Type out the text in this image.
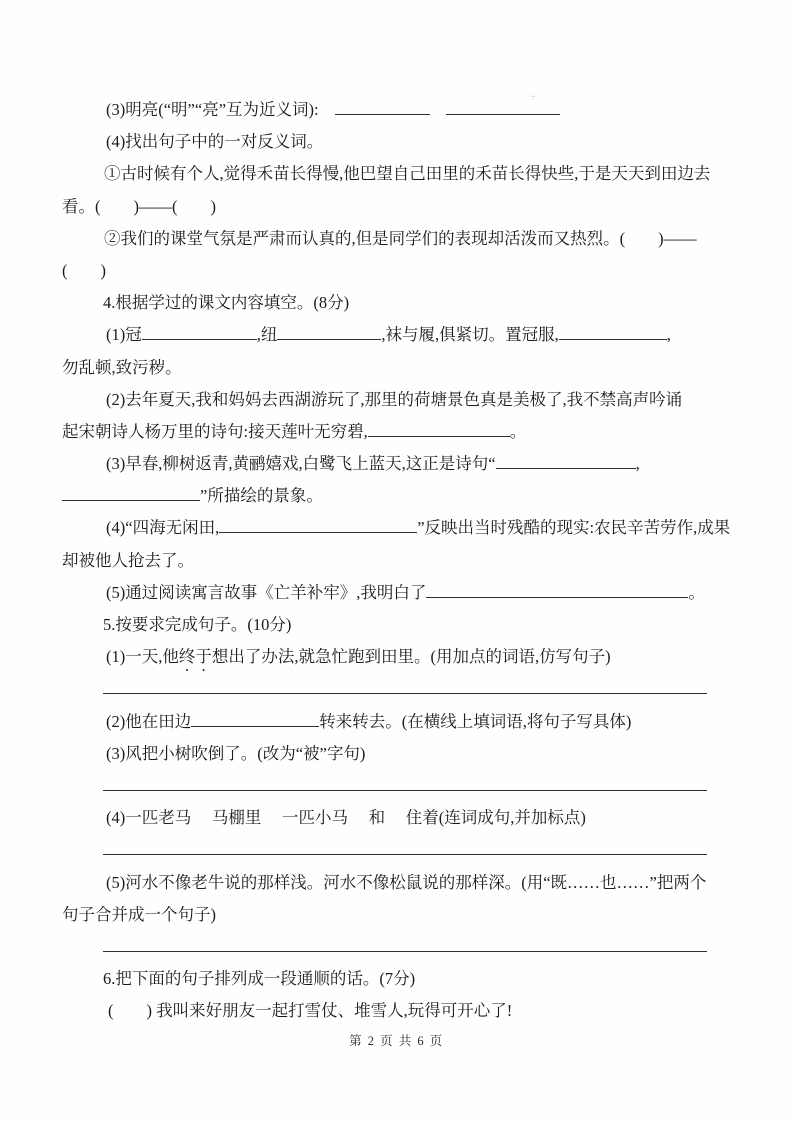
÷
(3)明亮(“明”“亮”互为近义词):
(4)找出句子中的一对反义词。
①古时候有个人,觉得禾苗长得慢,他巴望自己田里的禾苗长得快些,于是天天到田边去
看。(　　)——(　　)
②我们的课堂气氛是严肃而认真的,但是同学们的表现却活泼而又热烈。(　　)——
(　　)
4.根据学过的课文内容填空。(8分)
(1)冠	,纽	,袜与履,俱紧切。置冠服,	,
勿乱顿,致污秽。
(2)去年夏天,我和妈妈去西湖游玩了,那里的荷塘景色真是美极了,我不禁高声吟诵
起宋朝诗人杨万里的诗句:接天莲叶无穷碧,	。
(3)早春,柳树返青,黄鹂嬉戏,白鹭飞上蓝天,这正是诗句“	,
”所描绘的景象。
(4)“四海无闲田,	”反映出当时残酷的现实:农民辛苦劳作,成果
却被他人抢去了。
(5)通过阅读寓言故事《亡羊补牢》,我明白了	。
5.按要求完成句子。(10分)
(1)一天,他终于想出了办法,就急忙跑到田里。(用加点的词语,仿写句子)
(2)他在田边	转来转去。(在横线上填词语,将句子写具体)
(3)风把小树吹倒了。(改为“被”字句)
(4)一匹老马　 马棚里　 一匹小马　 和　 住着(连词成句,并加标点)
(5)河水不像老牛说的那样浅。河水不像松鼠说的那样深。(用“既……也……”把两个
句子合并成一个句子)
6.把下面的句子排列成一段通顺的话。(7分)
(　　) 我叫来好朋友一起打雪仗、堆雪人,玩得可开心了!
第 2 页 共 6 页
